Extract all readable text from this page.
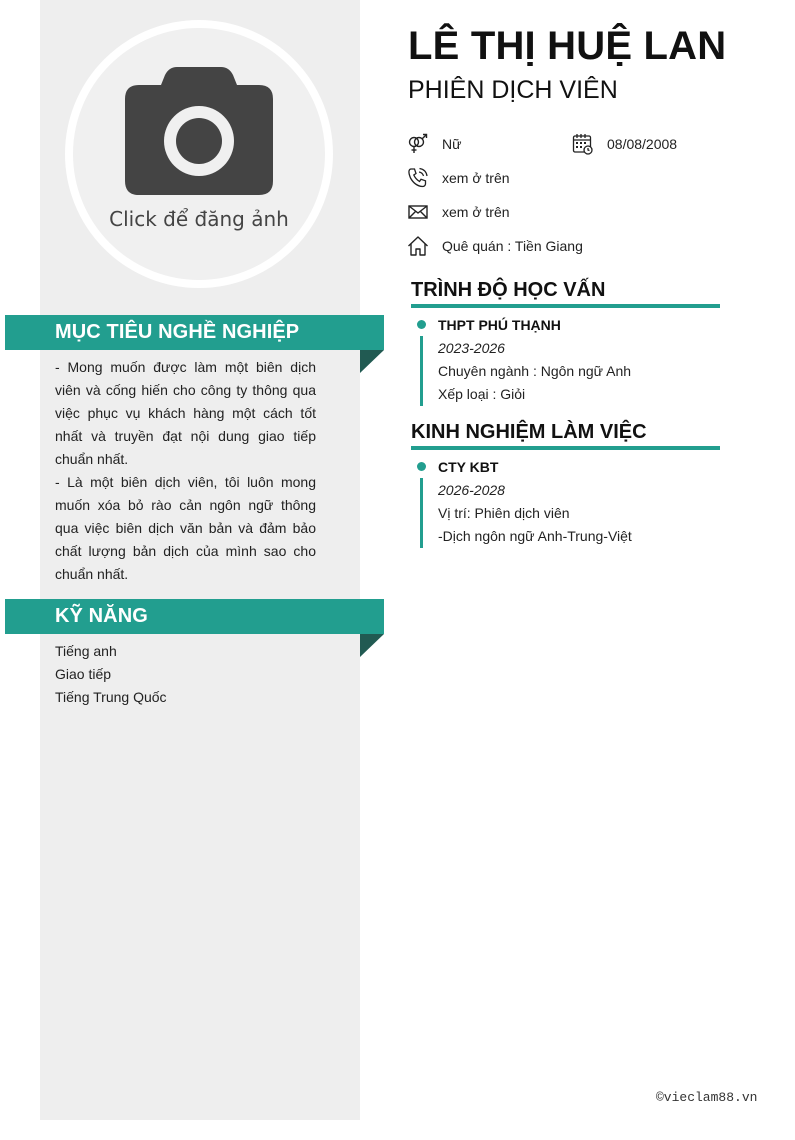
Click để đăng ảnh
MỤC TIÊU NGHỀ NGHIỆP

- Mong muốn được làm một biên dịch viên và cống hiến cho công ty thông qua việc phục vụ khách hàng một cách tốt nhất và truyền đạt nội dung giao tiếp chuẩn nhất.

- Là một biên dịch viên, tôi luôn mong muốn xóa bỏ rào cản ngôn ngữ thông qua việc biên dịch văn bản và đảm bảo chất lượng bản dịch của mình sao cho chuẩn nhất.

KỸ NĂNG
Tiếng anh
Giao tiếp
Tiếng Trung Quốc
LÊ THỊ HUỆ LAN
PHIÊN DỊCH VIÊN
Nữ	08/08/2008
xem ở trên
xem ở trên
Quê quán : Tiền Giang
TRÌNH ĐỘ HỌC VẤN
THPT PHÚ THẠNH
2023-2026
Chuyên ngành : Ngôn ngữ Anh
Xếp loại : Giỏi
KINH NGHIỆM LÀM VIỆC
CTY KBT
2026-2028
Vị trí: Phiên dịch viên
-Dịch ngôn ngữ Anh-Trung-Việt
©vieclam88.vn
